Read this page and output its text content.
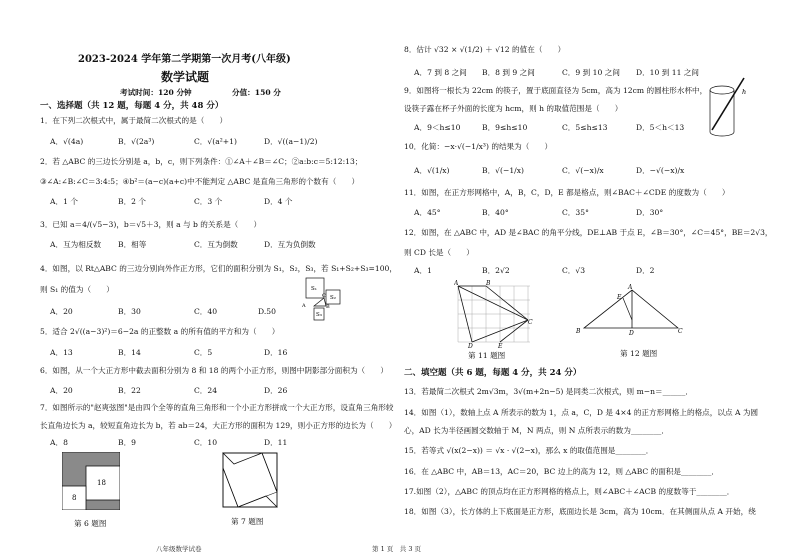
2023-2024 学年第二学期第一次月考(八年级)
数学试题
考试时间：120 分钟	分值：150 分
一、选择题（共 12 题，每题 4 分，共 48 分）
1．在下列二次根式中，属于最简二次根式的是（　　）
A．√(4a)	B．√(2a³)	C．√(a²+1)	D．√((a−1)/2)
2．若 △ABC 的三边长分别是 a，b，c，则下列条件：①∠A＋∠B＝∠C；②a:b:c＝5:12:13；
③∠A:∠B:∠C＝3:4:5；④b²＝(a−c)(a+c)中不能判定 △ABC 是直角三角形的个数有（　　）
A．1 个	B．2 个	C．3 个	D．4 个
3．已知 a＝4/(√5−3)，b＝√5＋3，则 a 与 b 的关系是（　　）
A．互为相反数 B．相等	C．互为倒数	D．互为负倒数
4．如图，以 Rt△ABC 的三边分别向外作正方形，它们的面积分别为 S₁，S₂，S₃，若 S₁+S₂+S₃=100，
则 S₁ 的值为（　　）
A．20	B．30	C．40	D.50
S₁
S₂
S₃
A	B
C
5．适合 2√((a−3)²)＝6−2a 的正整数 a 的所有值的平方和为（　　）
A．13	B．14	C．5	D．16
6．如图，从一个大正方形中截去面积分别为 8 和 18 的两个小正方形，则图中阴影部分面积为（　　）
A．20	B．22	C．24	D．26
7．如图所示的"赵爽弦图"是由四个全等的直角三角形和一个小正方形拼成一个大正方形，设直角三角形较
长直角边长为 a，较短直角边长为 b，若 ab＝24，大正方形的面积为 129，则小正方形的边长为（　　）
A．8	B．9	C．10	D．11
18
8
第 6 题图	第 7 题图
八年级数学试卷
8．估计 √32 × √(1/2) ＋ √12 的值在（　　）
A．7 到 8 之间 B．8 到 9 之间	C．9 到 10 之间 D．10 到 11 之间
9．如图将一根长为 22cm 的筷子，置于底面直径为 5cm，高为 12cm 的圆柱形水杯中，
设筷子露在杯子外面的长度为 hcm，则 h 的取值范围是（　　）
A．9＜h≤10	B．9≤h≤10	C．5≤h≤13	D．5＜h＜13
h
10．化简：−x·√(−1/x³) 的结果为（　　）
A．√(1/x)	B．√(−1/x)	C．√(−x)/x	D．−√(−x)/x
11．如图，在正方形网格中，A，B，C，D，E 都是格点，则∠BAC＋∠CDE 的度数为（　　）
A．45°	B．40°	C．35°	D．30°
12．如图，在 △ABC 中，AD 是∠BAC 的角平分线，DE⊥AB 于点 E，∠B＝30°，∠C＝45°，BE＝2√3，
则 CD 长是（　　）
A．1	B．2√2	C．√3	D．2
A	B
C
D	E
第 11 题图
A
E
B	D	C
第 12 题图
二、填空题（共 6 题，每题 4 分，共 24 分）
13．若最简二次根式 2m√3m，3√(m+2n−5) 是同类二次根式，则 m−n＝______．
14．如图（1），数轴上点 A 所表示的数为 1，点 a，C，D 是 4×4 的正方形网格上的格点，以点 A 为圆
心，AD 长为半径画圆交数轴于 M，N 两点，则 N 点所表示的数为________．
15．若等式 √(x(2−x)) ＝ √x · √(2−x)，那么 x 的取值范围是________．
16．在 △ABC 中，AB＝13，AC＝20，BC 边上的高为 12，则 △ABC 的面积是________．
17.如图（2），△ABC 的顶点均在正方形网格的格点上，则∠ABC＋∠ACB 的度数等于________．
18．如图（3），长方体的上下底面是正方形，底面边长是 3cm，高为 10cm．在其侧面从点 A 开始，绕
第 1 页　共 3 页
